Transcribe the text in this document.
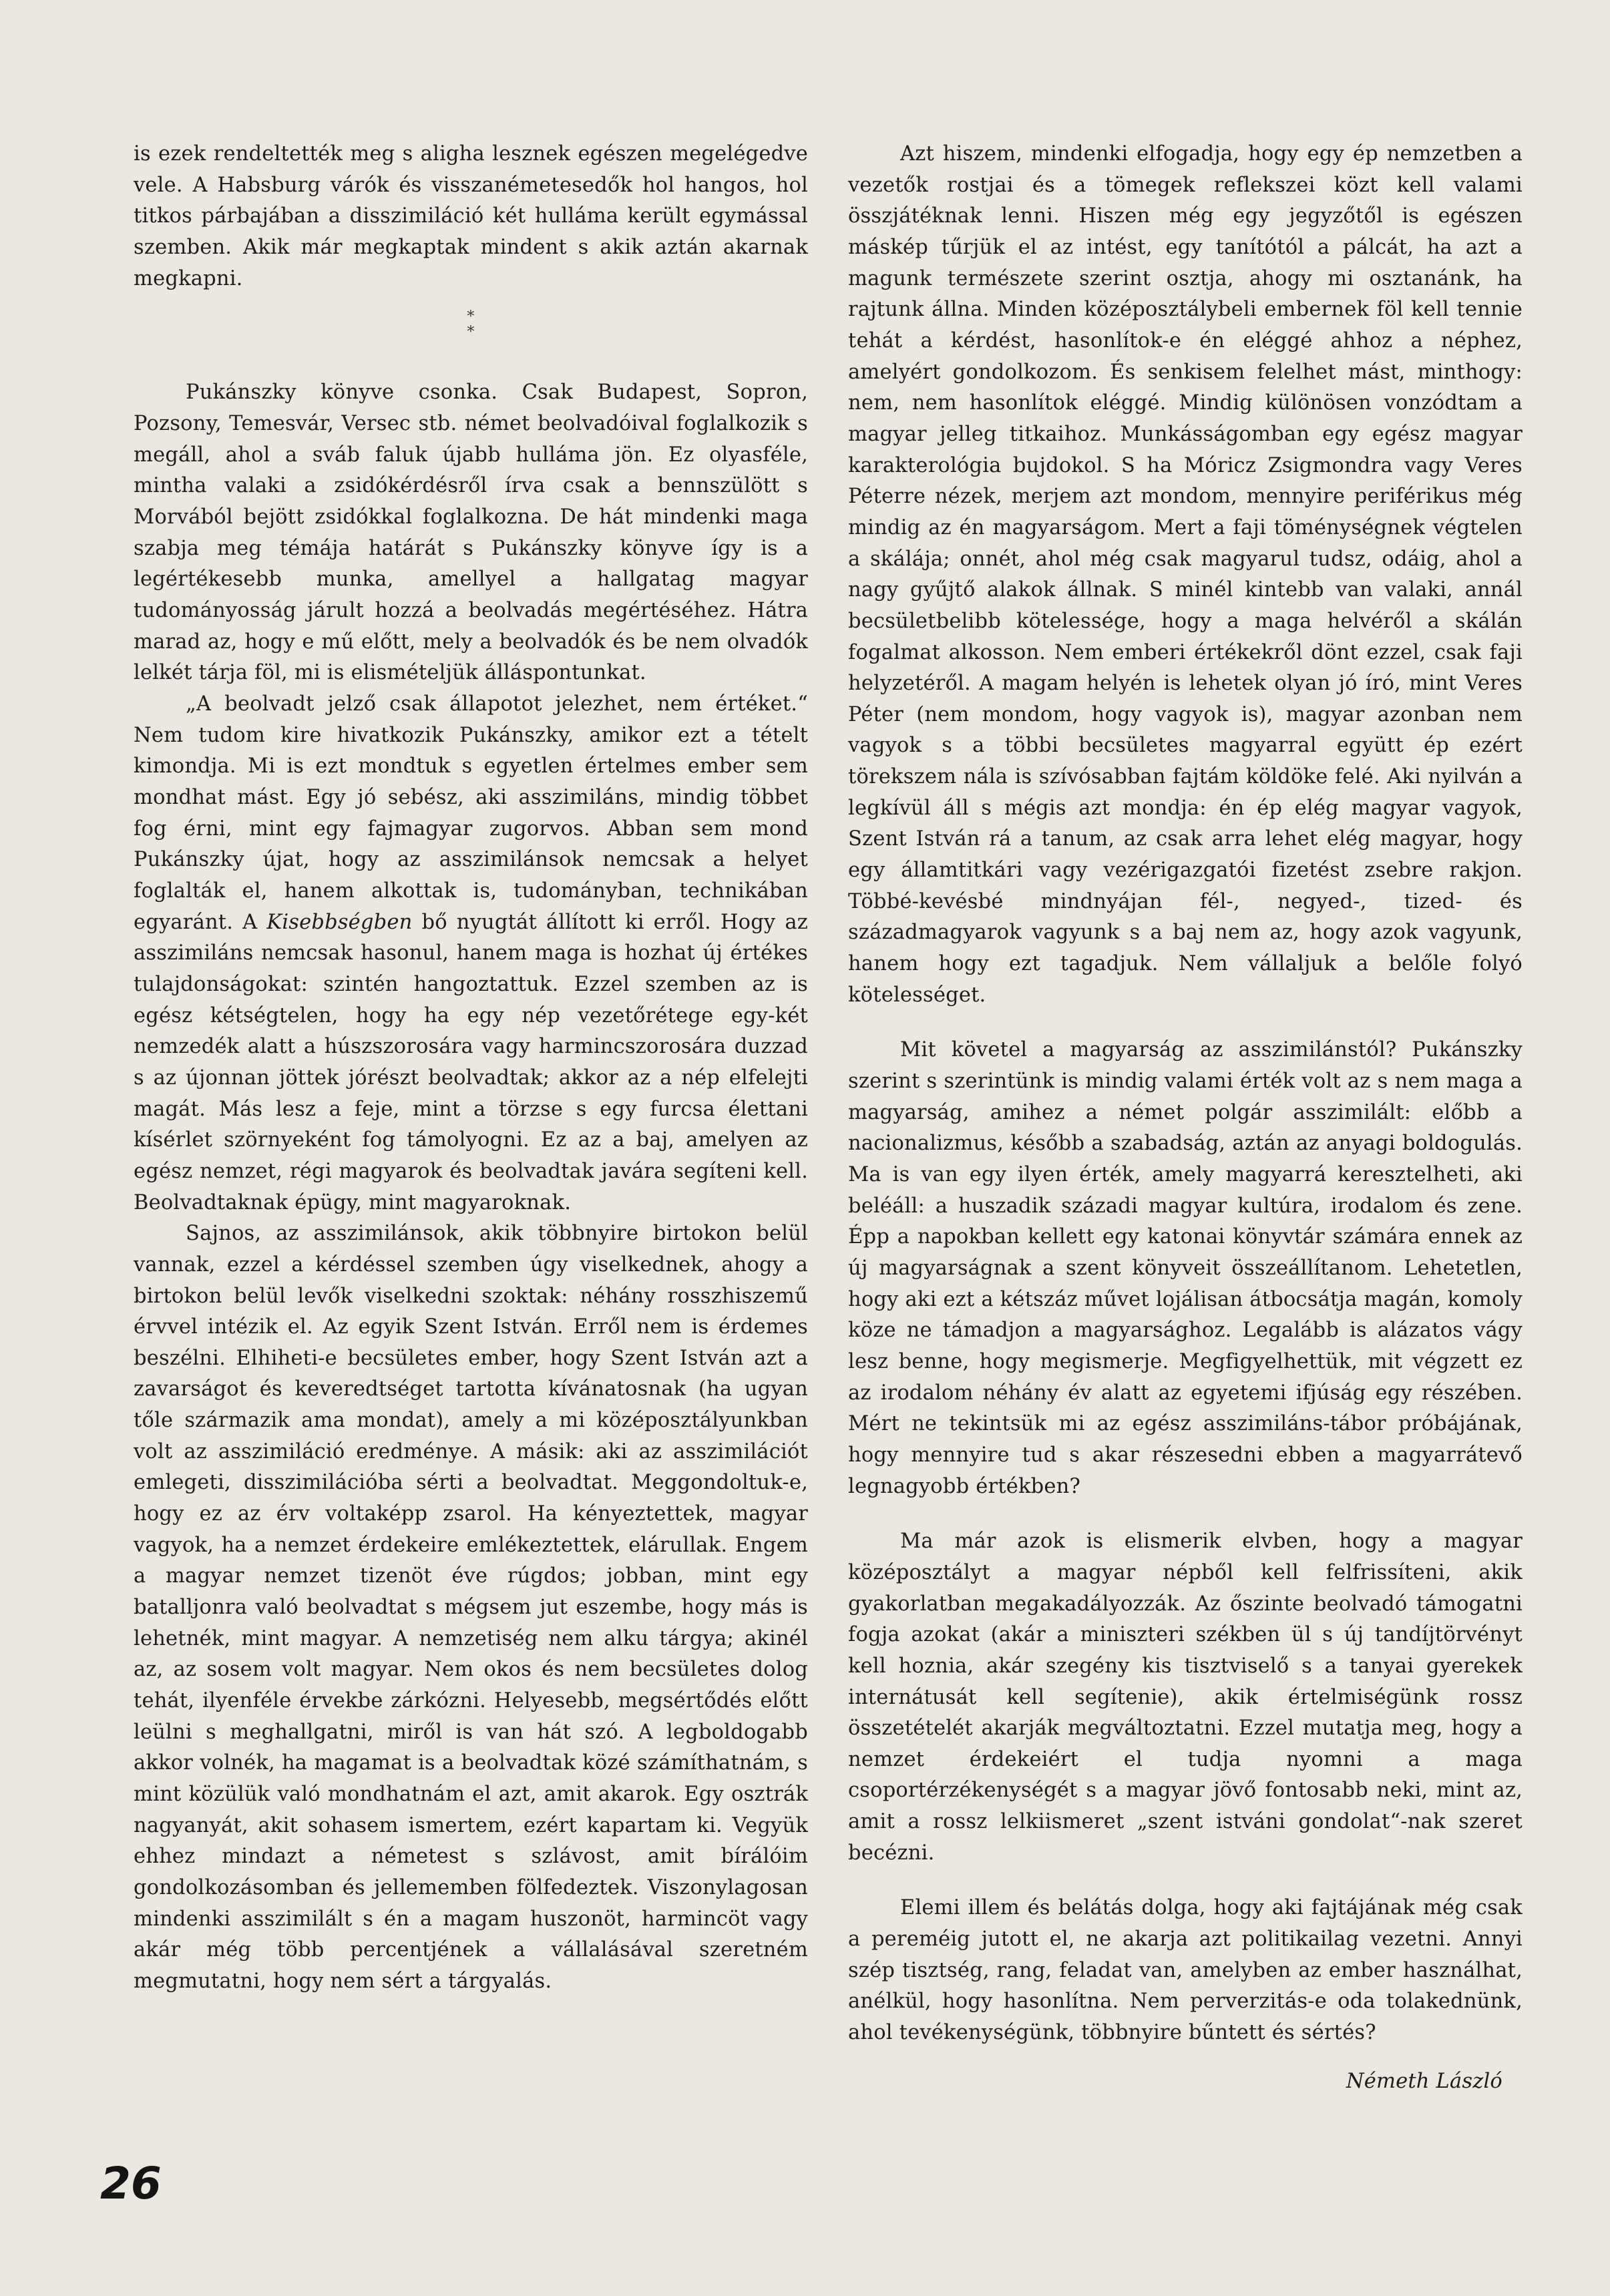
is ezek rendeltették meg s aligha lesznek egészen megelégedve vele. A Habsburg várók és visszanémetesedők hol hangos, hol titkos párbajában a disszimiláció két hulláma került egymással szemben. Akik már megkaptak mindent s akik aztán akarnak megkapni.

*
*

Pukánszky könyve csonka. Csak Budapest, Sopron, Pozsony, Temesvár, Versec stb. német beolvadóival foglalkozik s megáll, ahol a sváb faluk újabb hulláma jön. Ez olyasféle, mintha valaki a zsidókérdésről írva csak a bennszülött s Morvából bejött zsidókkal foglalkozna. De hát mindenki maga szabja meg témája határát s Pukánszky könyve így is a legértékesebb munka, amellyel a hallgatag magyar tudományosság járult hozzá a beolvadás megértéséhez. Hátra marad az, hogy e mű előtt, mely a beolvadók és be nem olvadók lelkét tárja föl, mi is elismételjük álláspontunkat.

„A beolvadt jelző csak állapotot jelezhet, nem értéket.“ Nem tudom kire hivatkozik Pukánszky, amikor ezt a tételt kimondja. Mi is ezt mondtuk s egyetlen értelmes ember sem mondhat mást. Egy jó sebész, aki asszimiláns, mindig többet fog érni, mint egy fajmagyar zugorvos. Abban sem mond Pukánszky újat, hogy az asszimilánsok nemcsak a helyet foglalták el, hanem alkottak is, tudományban, technikában egyaránt. A Kisebbségben bő nyugtát állított ki erről. Hogy az asszimiláns nemcsak hasonul, hanem maga is hozhat új értékes tulajdonságokat: szintén hangoztattuk. Ezzel szemben az is egész kétségtelen, hogy ha egy nép vezetőrétege egy-két nemzedék alatt a húszszorosára vagy harmincszorosára duzzad s az újonnan jöttek jórészt beolvadtak; akkor az a nép elfelejti magát. Más lesz a feje, mint a törzse s egy furcsa élettani kísérlet szörnyeként fog támolyogni. Ez az a baj, amelyen az egész nemzet, régi magyarok és beolvadtak javára segíteni kell. Beolvadtaknak épügy, mint magyaroknak.

Sajnos, az asszimilánsok, akik többnyire birtokon belül vannak, ezzel a kérdéssel szemben úgy viselkednek, ahogy a birtokon belül levők viselkedni szoktak: néhány rosszhiszemű érvvel intézik el. Az egyik Szent István. Erről nem is érdemes beszélni. Elhiheti-e becsületes ember, hogy Szent István azt a zavarságot és keveredtséget tartotta kívánatosnak (ha ugyan tőle származik ama mondat), amely a mi középosztályunkban volt az asszimiláció eredménye. A másik: aki az asszimilációt emlegeti, disszimilációba sérti a beolvadtat. Meggondoltuk-e, hogy ez az érv voltaképp zsarol. Ha kényeztettek, magyar vagyok, ha a nemzet érdekeire emlékeztettek, elárullak. Engem a magyar nemzet tizenöt éve rúgdos; jobban, mint egy batalljonra való beolvadtat s mégsem jut eszembe, hogy más is lehetnék, mint magyar. A nemzetiség nem alku tárgya; akinél az, az sosem volt magyar. Nem okos és nem becsületes dolog tehát, ilyenféle érvekbe zárkózni. Helyesebb, megsértődés előtt leülni s meghallgatni, miről is van hát szó. A legboldogabb akkor volnék, ha magamat is a beolvadtak közé számíthatnám, s mint közülük való mondhatnám el azt, amit akarok. Egy osztrák nagyanyát, akit sohasem ismertem, ezért kapartam ki. Vegyük ehhez mindazt a németest s szlávost, amit bírálóim gondolkozásomban és jellememben fölfedeztek. Viszonylagosan mindenki asszimilált s én a magam huszonöt, harmincöt vagy akár még több percentjének a vállalásával szeretném megmutatni, hogy nem sért a tárgyalás.

Azt hiszem, mindenki elfogadja, hogy egy ép nemzetben a vezetők rostjai és a tömegek reflekszei közt kell valami összjátéknak lenni. Hiszen még egy jegyzőtől is egészen máskép tűrjük el az intést, egy tanítótól a pálcát, ha azt a magunk természete szerint osztja, ahogy mi osztanánk, ha rajtunk állna. Minden középosztálybeli embernek föl kell tennie tehát a kérdést, hasonlítok-e én eléggé ahhoz a néphez, amelyért gondolkozom. És senkisem felelhet mást, minthogy: nem, nem hasonlítok eléggé. Mindig különösen vonzódtam a magyar jelleg titkaihoz. Munkásságomban egy egész magyar karakterológia bujdokol. S ha Móricz Zsigmondra vagy Veres Péterre nézek, merjem azt mondom, mennyire periférikus még mindig az én magyarságom. Mert a faji töménységnek végtelen a skálája; onnét, ahol még csak magyarul tudsz, odáig, ahol a nagy gyűjtő alakok állnak. S minél kintebb van valaki, annál becsületbelibb kötelessége, hogy a maga helvéről a skálán fogalmat alkosson. Nem emberi értékekről dönt ezzel, csak faji helyzetéről. A magam helyén is lehetek olyan jó író, mint Veres Péter (nem mondom, hogy vagyok is), magyar azonban nem vagyok s a többi becsületes magyarral együtt ép ezért törekszem nála is szívósabban fajtám köldöke felé. Aki nyilván a legkívül áll s mégis azt mondja: én ép elég magyar vagyok, Szent István rá a tanum, az csak arra lehet elég magyar, hogy egy államtitkári vagy vezérigazgatói fizetést zsebre rakjon. Többé-kevésbé mindnyájan fél-, negyed-, tized- és századmagyarok vagyunk s a baj nem az, hogy azok vagyunk, hanem hogy ezt tagadjuk. Nem vállaljuk a belőle folyó kötelességet.

Mit követel a magyarság az asszimilánstól? Pukánszky szerint s szerintünk is mindig valami érték volt az s nem maga a magyarság, amihez a német polgár asszimilált: előbb a nacionalizmus, később a szabadság, aztán az anyagi boldogulás. Ma is van egy ilyen érték, amely magyarrá keresztelheti, aki beléáll: a huszadik századi magyar kultúra, irodalom és zene. Épp a napokban kellett egy katonai könyvtár számára ennek az új magyarságnak a szent könyveit összeállítanom. Lehetetlen, hogy aki ezt a kétszáz művet lojálisan átbocsátja magán, komoly köze ne támadjon a magyarsághoz. Legalább is alázatos vágy lesz benne, hogy megismerje. Megfigyelhettük, mit végzett ez az irodalom néhány év alatt az egyetemi ifjúság egy részében. Mért ne tekintsük mi az egész asszimiláns-tábor próbájának, hogy mennyire tud s akar részesedni ebben a magyarrátevő legnagyobb értékben?

Ma már azok is elismerik elvben, hogy a magyar középosztályt a magyar népből kell felfrissíteni, akik gyakorlatban megakadályozzák. Az őszinte beolvadó támogatni fogja azokat (akár a miniszteri székben ül s új tandíjtörvényt kell hoznia, akár szegény kis tisztviselő s a tanyai gyerekek internátusát kell segítenie), akik értelmiségünk rossz összetételét akarják megváltoztatni. Ezzel mutatja meg, hogy a nemzet érdekeiért el tudja nyomni a maga csoportérzékenységét s a magyar jövő fontosabb neki, mint az, amit a rossz lelkiismeret „szent istváni gondolat“-nak szeret becézni.

Elemi illem és belátás dolga, hogy aki fajtájának még csak a pereméig jutott el, ne akarja azt politikailag vezetni. Annyi szép tisztség, rang, feladat van, amelyben az ember használhat, anélkül, hogy hasonlítna. Nem perverzitás-e oda tolakednünk, ahol tevékenységünk, többnyire bűntett és sértés?

Németh László

26
